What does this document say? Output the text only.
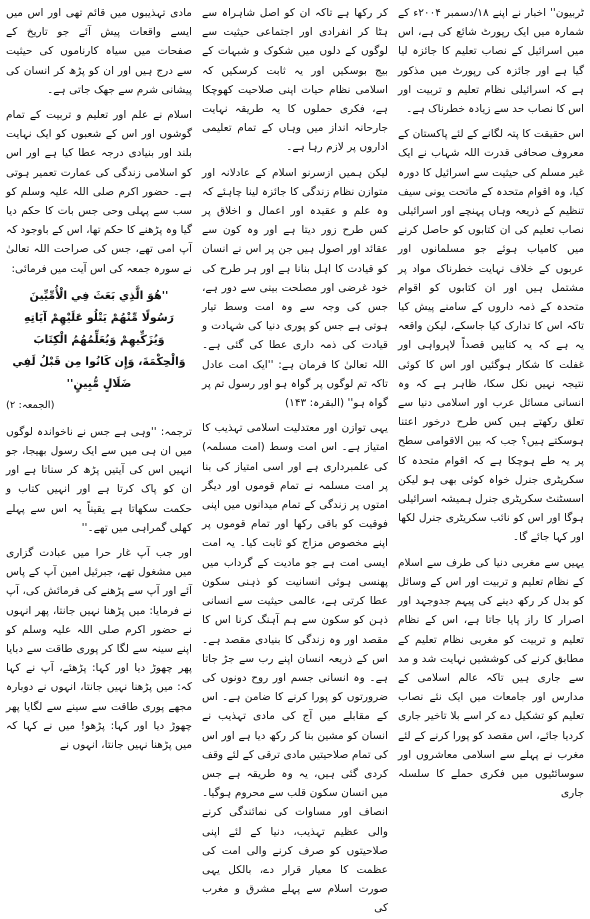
ٹربیون'' اخبار نے اپنے ۱۸/دسمبر ۲۰۰۴ء کے شمارہ میں ایک رپورٹ شائع کی ہے، اس میں اسرائیل کے نصاب تعلیم کا جائزہ لیا گیا ہے اور جائزہ کی رپورٹ میں مذکور ہے کہ اسرائیلی نظام تعلیم و تربیت اور اس کا نصاب حد سے زیادہ خطرناک ہے۔

اس حقیقت کا پتہ لگانے کے لئے پاکستان کے معروف صحافی قدرت اللہ شہاب نے ایک غیر مسلم کی حیثیت سے اسرائیل کا دورہ کیا، وہ اقوام متحدہ کے ماتحت یونی سیف تنظیم کے ذریعہ وہاں پہنچے اور اسرائیلی نصاب تعلیم کی ان کتابوں کو حاصل کرنے میں کامیاب ہوئے جو مسلمانوں اور عربوں کے خلاف نہایت خطرناک مواد پر مشتمل ہیں اور ان کتابوں کو اقوام متحدہ کے ذمہ داروں کے سامنے پیش کیا تاکہ اس کا تدارک کیا جاسکے، لیکن واقعہ یہ ہے کہ یہ کتابیں قصداً لاپرواہی اور غفلت کا شکار ہوگئیں اور اس کا کوئی نتیجہ نہیں نکل سکا، ظاہر ہے کہ وہ انسانی مسائل عرب اور اسلامی دنیا سے تعلق رکھتے ہیں کس طرح درخور اعتنا ہوسکتے ہیں؟ جب کہ بین الاقوامی سطح پر یہ طے ہوچکا ہے کہ اقوام متحدہ کا سکریٹری جنرل خواہ کوئی بھی ہو لیکن اسسٹنٹ سکریٹری جنرل ہمیشہ اسرائیلی ہوگا اور اس کو نائب سکریٹری جنرل لکھا اور کہا جائے گا۔

یہیں سے مغربی دنیا کی طرف سے اسلام کے نظام تعلیم و تربیت اور اس کے وسائل کو بدل کر رکھ دینے کی پیہم جدوجہد اور اصرار کا راز پایا جاتا ہے، اس کے نظام تعلیم و تربیت کو مغربی نظام تعلیم کے مطابق کرنے کی کوششیں نہایت شد و مد سے جاری ہیں تاکہ عالم اسلامی کے مدارس اور جامعات میں ایک نئے نصاب تعلیم کو تشکیل دے کر اسے بلا تاخیر جاری کردیا جائے، اس مقصد کو پورا کرنے کے لئے مغرب نے پہلے سے اسلامی معاشروں اور سوسائٹیوں میں فکری حملے کا سلسلہ جاری

کر رکھا ہے تاکہ ان کو اصل شاہراہ سے ہٹا کر انفرادی اور اجتماعی حیثیت سے لوگوں کے دلوں میں شکوک و شبہات کے بیج بوسکیں اور یہ ثابت کرسکیں کہ اسلامی نظام حیات اپنی صلاحیت کھوچکا ہے، فکری حملوں کا یہ طریقہ نہایت جارحانہ انداز میں وہاں کے تمام تعلیمی اداروں پر لازم رہا ہے۔

لیکن ہمیں ازسرنو اسلام کے عادلانہ اور متوازن نظام زندگی کا جائزہ لینا چاہئے کہ وہ علم و عقیدہ اور اعمال و اخلاق پر کس طرح زور دیتا ہے اور وہ کون سے عقائد اور اصول ہیں جن پر اس نے انسان کو قیادت کا اہل بنانا ہے اور ہر طرح کی خود غرضی اور مصلحت بینی سے دور ہے، جس کی وجہ سے وہ امت وسط تیار ہوتی ہے جس کو پوری دنیا کی شہادت و قیادت کی ذمہ داری عطا کی گئی ہے۔ اللہ تعالیٰ کا فرمان ہے: ''ایک امت عادل تاکہ تم لوگوں پر گواہ ہو اور رسول تم پر گواہ ہو'' (البقرہ: ۱۴۳)

یہی توازن اور معتدلیت اسلامی تہذیب کا امتیاز ہے۔ اس امت وسط (امت مسلمہ) کی علمبرداری ہے اور اسی امتیاز کی بنا پر امت مسلمہ نے تمام قوموں اور دیگر امتوں پر زندگی کے تمام میدانوں میں اپنی فوقیت کو باقی رکھا اور تمام قوموں پر اپنے مخصوص مزاج کو ثابت کیا۔ یہ امت ایسی امت ہے جو مادیت کے گرداب میں پھنسی ہوئی انسانیت کو ذہنی سکون عطا کرتی ہے، عالمی حیثیت سے انسانی ذہن کو سکون سے ہم آہنگ کرنا اس کا مقصد اور وہ زندگی کا بنیادی مقصد ہے۔ اس کے ذریعہ انسان اپنے رب سے جڑ جاتا ہے۔ وہ انسانی جسم اور روح دونوں کی ضرورتوں کو پورا کرنے کا ضامن ہے۔ اس کے مقابلے میں آج کی مادی تہذیب نے انسان کو مشین بنا کر رکھ دیا ہے اور اس کی تمام صلاحیتیں مادی ترقی کے لئے وقف کردی گئی ہیں، یہ وہ طریقہ ہے جس میں انسان سکون قلب سے محروم ہوگیا۔ انصاف اور مساوات کی نمائندگی کرنے والی عظیم تہذیب، دنیا کے لئے اپنی صلاحیتوں کو صرف کرنے والی امت کی عظمت کا معیار قرار دے، بالکل یہی صورت اسلام سے پہلے مشرق و مغرب کی

مادی تہذیبوں میں قائم تھی اور اس میں ایسے واقعات پیش آئے جو تاریخ کے صفحات میں سیاہ کارناموں کی حیثیت سے درج ہیں اور ان کو پڑھ کر انسان کی پیشانی شرم سے جھک جاتی ہے۔

اسلام نے علم اور تعلیم و تربیت کے تمام گوشوں اور اس کے شعبوں کو ایک نہایت بلند اور بنیادی درجہ عطا کیا ہے اور اس کو اسلامی زندگی کی عمارت تعمیر ہوتی ہے۔ حضور اکرم صلی اللہ علیہ وسلم کو سب سے پہلی وحی جس بات کا حکم دیا گیا وہ پڑھنے کا حکم تھا، اس کے باوجود کہ آپ امی تھے، جس کی صراحت اللہ تعالیٰ نے سورہ جمعہ کی اس آیت میں فرمائی:

''هُوَ الَّذِي بَعَثَ فِي الْأُمِّيِّينَ
رَسُولًا مِّنْهُمْ يَتْلُو عَلَيْهِمْ آيَاتِهِ
وَيُزَكِّيهِمْ وَيُعَلِّمُهُمُ الْكِتَابَ
وَالْحِكْمَةَ، وَإِن كَانُوا مِن قَبْلُ لَفِي
ضَلَالٍ مُّبِينٍ''
(الجمعہ: ۲)

ترجمہ: ''وہی ہے جس نے ناخواندہ لوگوں میں ان ہی میں سے ایک رسول بھیجا، جو انہیں اس کی آیتیں پڑھ کر سناتا ہے اور ان کو پاک کرتا ہے اور انہیں کتاب و حکمت سکھاتا ہے یقیناً یہ اس سے پہلے کھلی گمراہی میں تھے۔''

اور جب آپ غار حرا میں عبادت گزاری میں مشغول تھے، جبرئیل امین آپ کے پاس آئے اور آپ سے پڑھنے کی فرمائش کی، آپ نے فرمایا: میں پڑھنا نہیں جانتا، پھر انہوں نے حضور اکرم صلی اللہ علیہ وسلم کو اپنے سینہ سے لگا کر پوری طاقت سے دبایا پھر چھوڑ دیا اور کہا: پڑھئے، آپ نے کہا کہ: میں پڑھنا نہیں جانتا، انہوں نے دوبارہ مجھے پوری طاقت سے سینے سے لگایا پھر چھوڑ دیا اور کہا: پڑھو! میں نے کہا کہ میں پڑھنا نہیں جانتا، انہوں نے
